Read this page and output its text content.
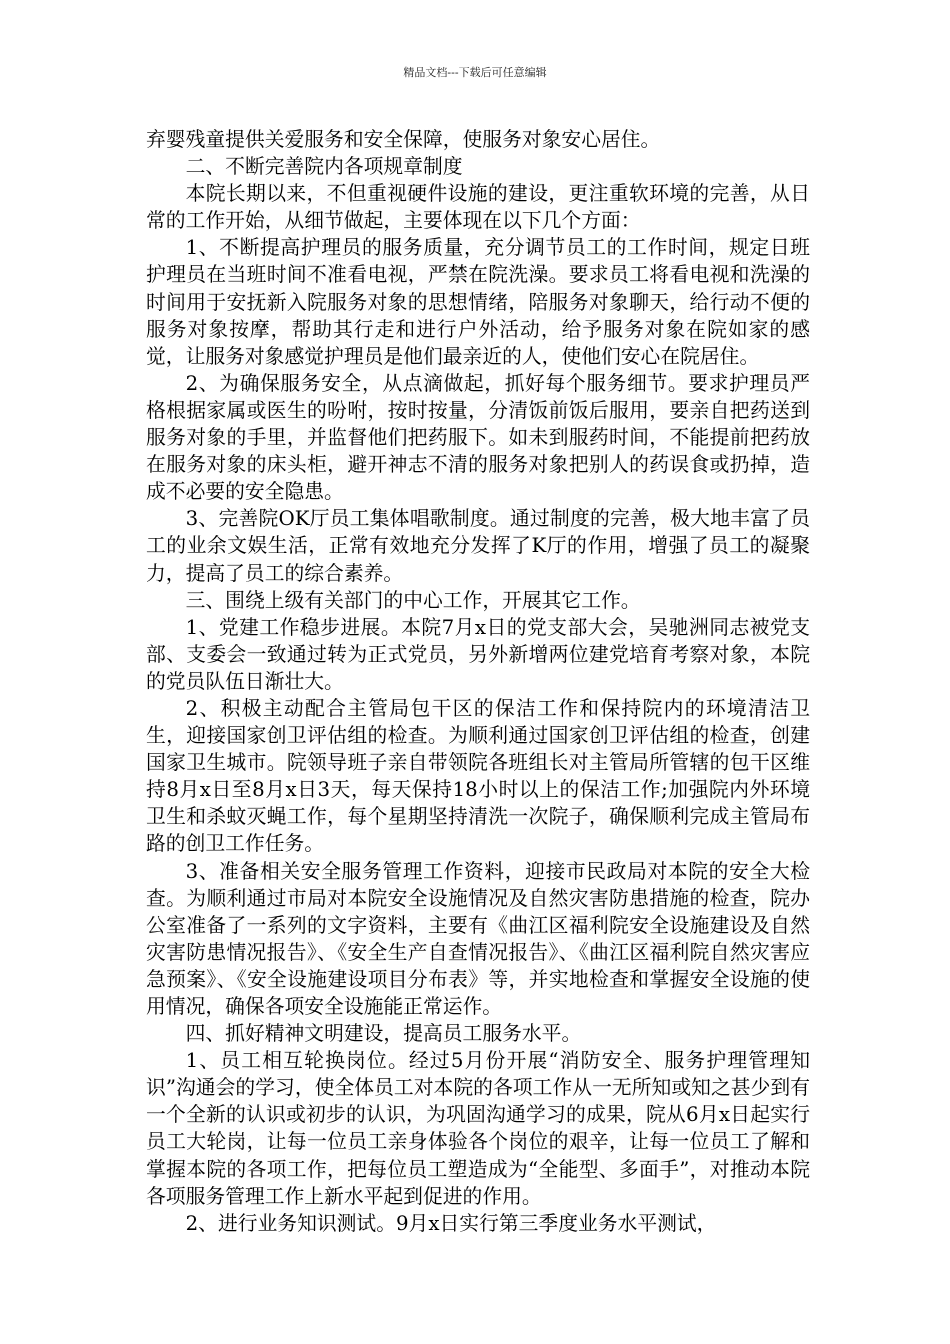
精品文档---下载后可任意编辑

弃婴残童提供关爱服务和安全保障，使服务对象安心居住。

二、不断完善院内各项规章制度

本院长期以来，不但重视硬件设施的建设，更注重软环境的完善，从日常的工作开始，从细节做起，主要体现在以下几个方面：

1、不断提高护理员的服务质量，充分调节员工的工作时间，规定日班护理员在当班时间不准看电视，严禁在院洗澡。要求员工将看电视和洗澡的时间用于安抚新入院服务对象的思想情绪，陪服务对象聊天，给行动不便的服务对象按摩，帮助其行走和进行户外活动，给予服务对象在院如家的感觉，让服务对象感觉护理员是他们最亲近的人，使他们安心在院居住。

2、为确保服务安全，从点滴做起，抓好每个服务细节。要求护理员严格根据家属或医生的吩咐，按时按量，分清饭前饭后服用，要亲自把药送到服务对象的手里，并监督他们把药服下。如未到服药时间，不能提前把药放在服务对象的床头柜，避开神志不清的服务对象把别人的药误食或扔掉，造成不必要的安全隐患。

3、完善院OK厅员工集体唱歌制度。通过制度的完善，极大地丰富了员工的业余文娱生活，正常有效地充分发挥了K厅的作用，增强了员工的凝聚力，提高了员工的综合素养。

三、围绕上级有关部门的中心工作，开展其它工作。

1、党建工作稳步进展。本院7月x日的党支部大会，吴驰洲同志被党支部、支委会一致通过转为正式党员，另外新增两位建党培育考察对象，本院的党员队伍日渐壮大。

2、积极主动配合主管局包干区的保洁工作和保持院内的环境清洁卫生，迎接国家创卫评估组的检查。为顺利通过国家创卫评估组的检查，创建国家卫生城市。院领导班子亲自带领院各班组长对主管局所管辖的包干区维持8月x日至8月x日3天，每天保持18小时以上的保洁工作;加强院内外环境卫生和杀蚊灭蝇工作，每个星期坚持清洗一次院子，确保顺利完成主管局布路的创卫工作任务。

3、准备相关安全服务管理工作资料，迎接市民政局对本院的安全大检查。为顺利通过市局对本院安全设施情况及自然灾害防患措施的检查，院办公室准备了一系列的文字资料，主要有《曲江区福利院安全设施建设及自然灾害防患情况报告》、《安全生产自查情况报告》、《曲江区福利院自然灾害应急预案》、《安全设施建设项目分布表》等，并实地检查和掌握安全设施的使用情况，确保各项安全设施能正常运作。

四、抓好精神文明建设，提高员工服务水平。

1、员工相互轮换岗位。经过5月份开展“消防安全、服务护理管理知识”沟通会的学习，使全体员工对本院的各项工作从一无所知或知之甚少到有一个全新的认识或初步的认识，为巩固沟通学习的成果，院从6月x日起实行员工大轮岗，让每一位员工亲身体验各个岗位的艰辛，让每一位员工了解和掌握本院的各项工作，把每位员工塑造成为“全能型、多面手”，对推动本院各项服务管理工作上新水平起到促进的作用。

2、进行业务知识测试。9月x日实行第三季度业务水平测试，
